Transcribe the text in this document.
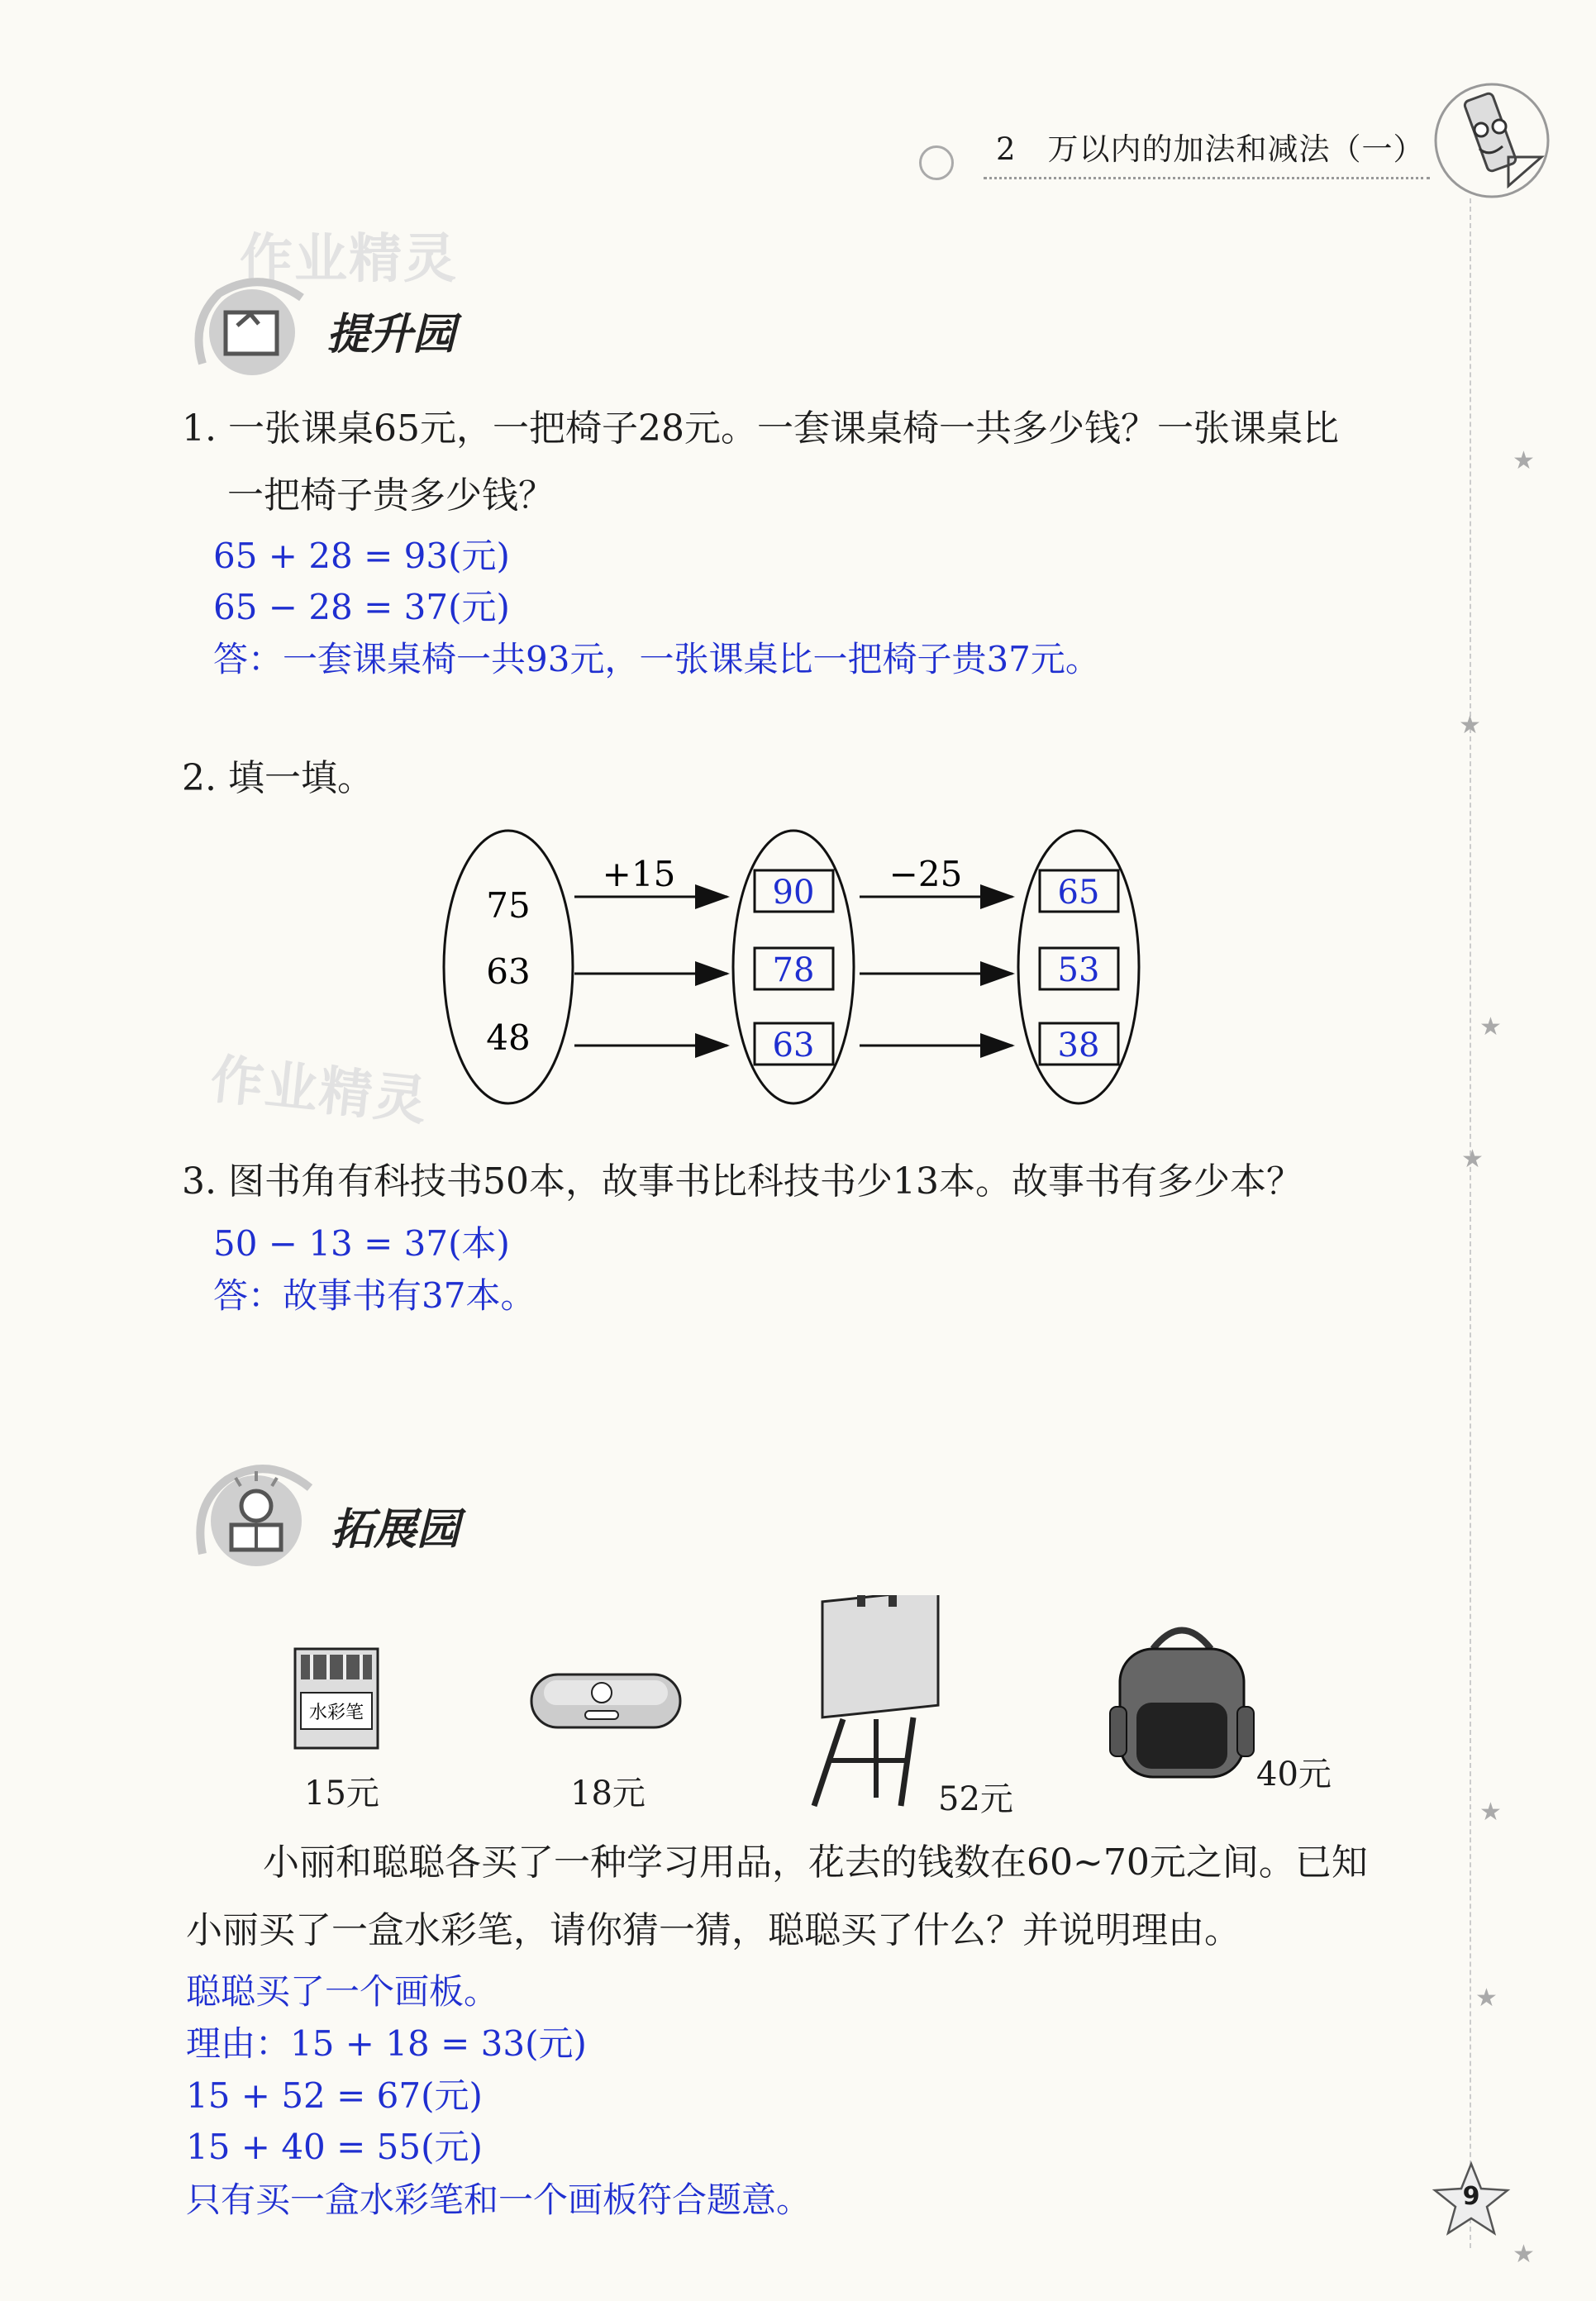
2　万以内的加法和减法（一）
★
★
★
★
★
★
★
作业精灵
提升园
1. 一张课桌65元，一把椅子28元。一套课桌椅一共多少钱？一张课桌比
一把椅子贵多少钱？
65 + 28 = 93(元)
65 − 28 = 37(元)
答：一套课桌椅一共93元，一张课桌比一把椅子贵37元。
2. 填一填。
作业精灵
+15	−25
75
63
48
90
78
63
65
53
38
3. 图书角有科技书50本，故事书比科技书少13本。故事书有多少本？
50 − 13 = 37(本)
答：故事书有37本。
拓展园
水彩笔
15元	18元	52元
40元
小丽和聪聪各买了一种学习用品，花去的钱数在60~70元之间。已知
小丽买了一盒水彩笔，请你猜一猜，聪聪买了什么？并说明理由。
聪聪买了一个画板。
理由：15 + 18 = 33(元)
15 + 52 = 67(元)
15 + 40 = 55(元)
只有买一盒水彩笔和一个画板符合题意。	9
